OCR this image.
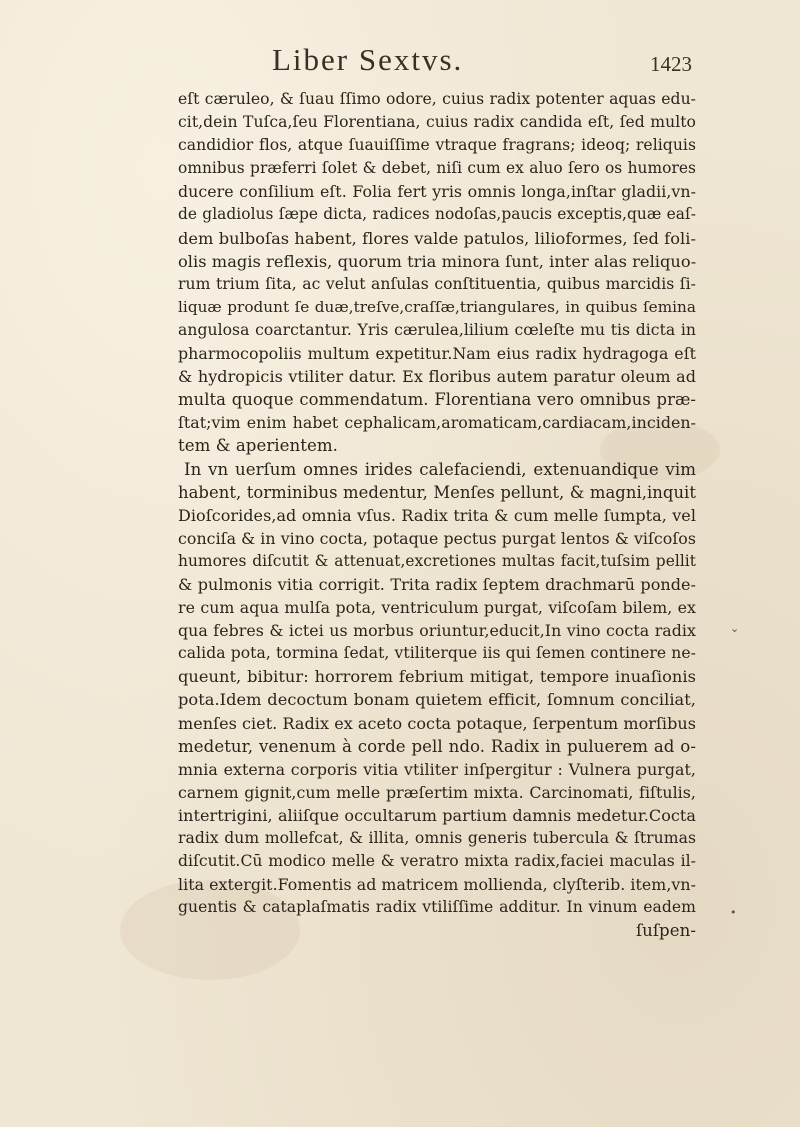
Liber Sextvs.	1423
eſt cæruleo, & ſuau ſſimo odore, cuius radix potenter aquas edu-
cit,dein Tuſca,ſeu Florentiana, cuius radix candida eſt, ſed multo
candidior flos, atque ſuauiſſime vtraque fragrans; ideoq; reliquis
omnibus præferri ſolet & debet, niſi cum ex aluo ſero os humores
ducere conſilium eſt. Folia fert yris omnis longa,inſtar gladii,vn-
de gladiolus ſæpe dicta, radices nodoſas,paucis exceptis,quæ eaſ-
dem bulboſas habent, flores valde patulos, lilioformes, ſed foli-
olis magis reflexis, quorum tria minora ſunt, inter alas reliquo-
rum trium ſita, ac velut anſulas conſtituentia, quibus marcidis ſi-
liquæ produnt ſe duæ,treſve,craſſæ,triangulares, in quibus ſemina
angulosa coarctantur. Yris cærulea,lilium cœleſte mu tis dicta in
pharmocopoliis multum expetitur.Nam eius radix hydragoga eſt
& hydropicis vtiliter datur. Ex floribus autem paratur oleum ad
multa quoque commendatum. Florentiana vero omnibus præ-
ſtat;vim enim habet cephalicam,aromaticam,cardiacam,inciden-
tem & aperientem.
In vn uerſum omnes irides calefaciendi, extenuandique vim
habent, torminibus medentur, Menſes pellunt, & magni,inquit
Dioſcorides,ad omnia vſus. Radix trita & cum melle ſumpta, vel
conciſa & in vino cocta, potaque pectus purgat lentos & viſcoſos
humores diſcutit & attenuat,excretiones multas facit,tuſsim pellit
& pulmonis vitia corrigit. Trita radix ſeptem drachmarū ponde-
re cum aqua mulſa pota, ventriculum purgat, viſcoſam bilem, ex
qua febres & ictei us morbus oriuntur,educit,In vino cocta radix
calida pota, tormina ſedat, vtiliterque iis qui ſemen continere ne-
queunt, bibitur: horrorem febrium mitigat, tempore inuaſionis
pota.Idem decoctum bonam quietem efficit, ſomnum conciliat,
menſes ciet. Radix ex aceto cocta potaque, ſerpentum morſibus
medetur, venenum à corde pell ndo. Radix in puluerem ad o-
mnia externa corporis vitia vtiliter inſpergitur : Vulnera purgat,
carnem gignit,cum melle præſertim mixta. Carcinomati, fiſtulis,
intertrigini, aliiſque occultarum partium damnis medetur.Cocta
radix dum mollefcat, & illita, omnis generis tubercula & ſtrumas
diſcutit.Cū modico melle & veratro mixta radix,faciei maculas il-
lita extergit.Fomentis ad matricem mollienda, clyſterib. item,vn-
guentis & cataplaſmatis radix vtiliſſime additur. In vinum eadem
ſuſpen-
⌄
•
